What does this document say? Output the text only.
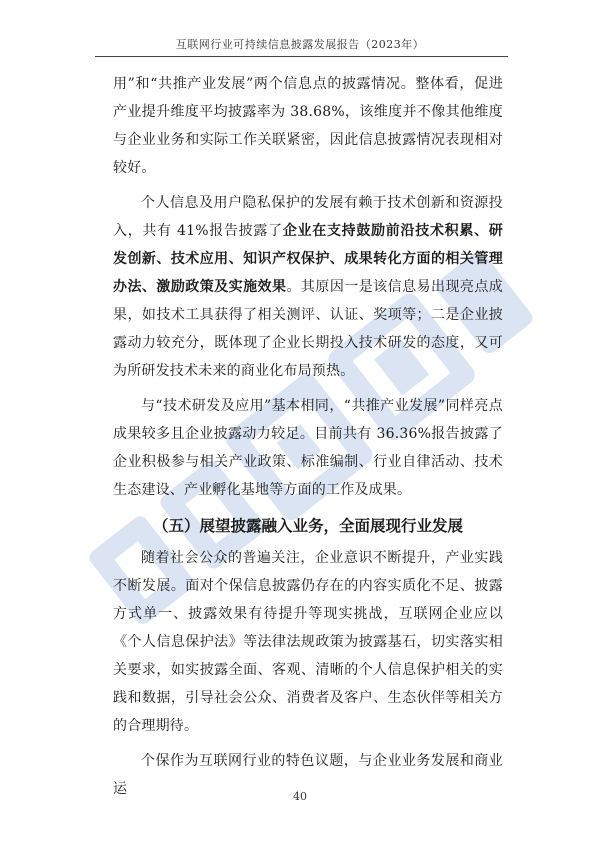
互联网行业可持续信息披露发展报告（2023年）

用”和“共推产业发展”两个信息点的披露情况。整体看，促进产业提升维度平均披露率为 38.68%，该维度并不像其他维度与企业业务和实际工作关联紧密，因此信息披露情况表现相对较好。

个人信息及用户隐私保护的发展有赖于技术创新和资源投入，共有 41%报告披露了企业在支持鼓励前沿技术积累、研发创新、技术应用、知识产权保护、成果转化方面的相关管理办法、激励政策及实施效果。其原因一是该信息易出现亮点成果，如技术工具获得了相关测评、认证、奖项等；二是企业披露动力较充分，既体现了企业长期投入技术研发的态度，又可为所研发技术未来的商业化布局预热。

与“技术研发及应用”基本相同，“共推产业发展”同样亮点成果较多且企业披露动力较足。目前共有 36.36%报告披露了企业积极参与相关产业政策、标准编制、行业自律活动、技术生态建设、产业孵化基地等方面的工作及成果。

（五）展望披露融入业务，全面展现行业发展

随着社会公众的普遍关注，企业意识不断提升，产业实践不断发展。面对个保信息披露仍存在的内容实质化不足、披露方式单一、披露效果有待提升等现实挑战，互联网企业应以《个人信息保护法》等法律法规政策为披露基石，切实落实相关要求，如实披露全面、客观、清晰的个人信息保护相关的实践和数据，引导社会公众、消费者及客户、生态伙伴等相关方的合理期待。

个保作为互联网行业的特色议题，与企业业务发展和商业运	40
